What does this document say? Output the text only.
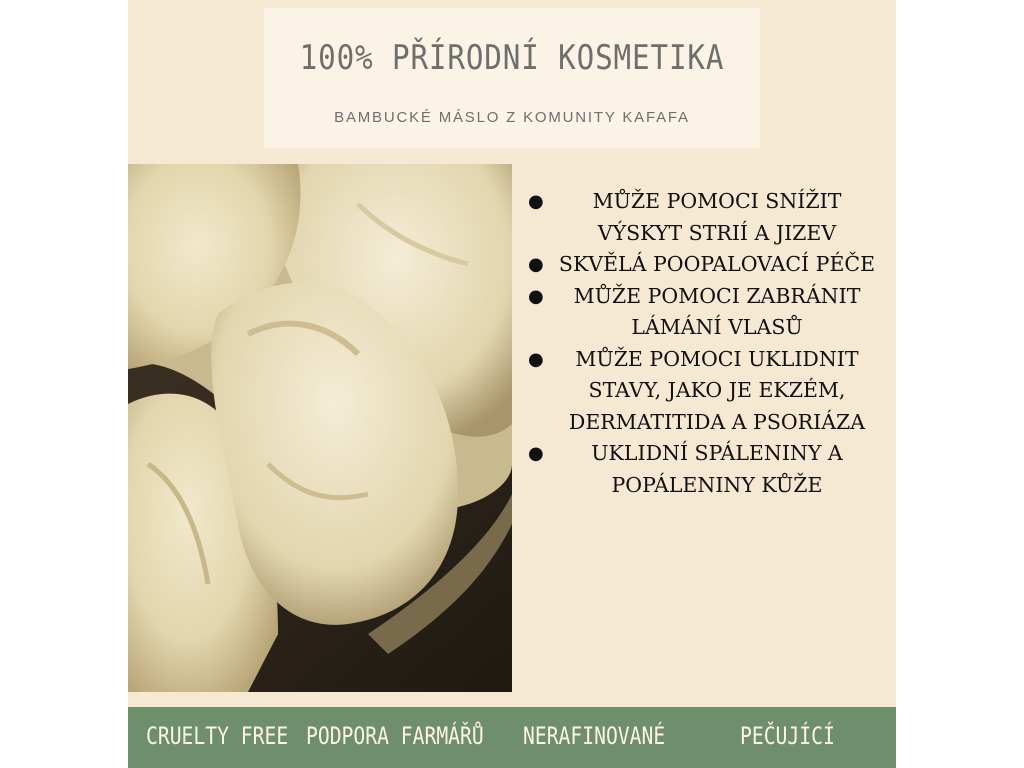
100% PŘÍRODNÍ KOSMETIKA
BAMBUCKÉ MÁSLO Z KOMUNITY KAFAFA
● MŮŽE POMOCI SNÍŽIT VÝSKYT STRIÍ A JIZEV
● SKVĚLÁ POOPALOVACÍ PÉČE
● MŮŽE POMOCI ZABRÁNIT LÁMÁNÍ VLASŮ
● MŮŽE POMOCI UKLIDNIT STAVY, JAKO JE EKZÉM, DERMATITIDA A PSORIÁZA
● UKLIDNÍ SPÁLENINY A POPÁLENINY KŮŽE
CRUELTY FREE PODPORA FARMÁŘŮ NERAFINOVANÉ	PEČUJÍCÍ
